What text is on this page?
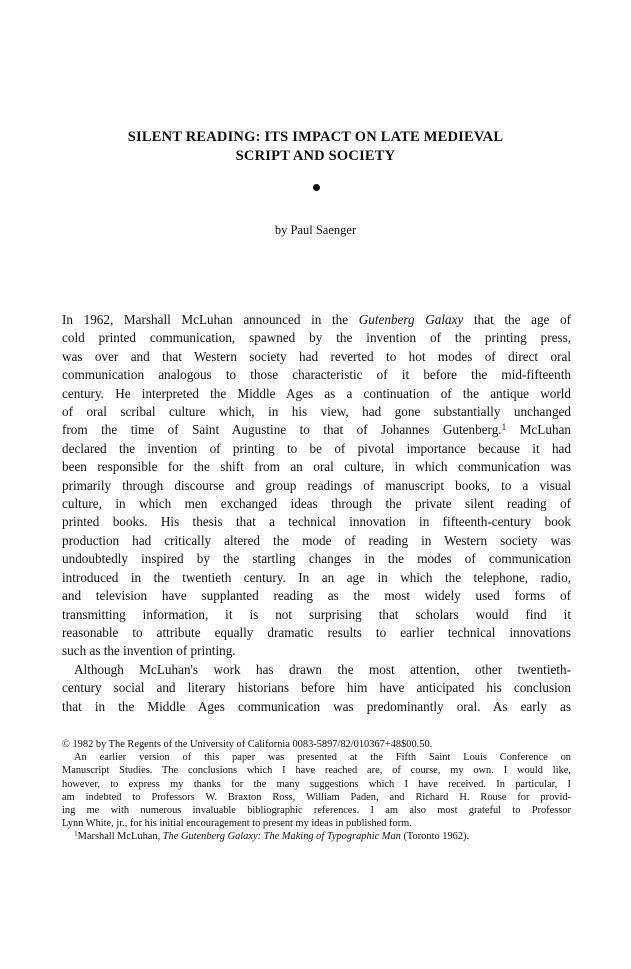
SILENT READING: ITS IMPACT ON LATE MEDIEVAL
SCRIPT AND SOCIETY
by Paul Saenger
In 1962, Marshall McLuhan announced in the Gutenberg Galaxy that the age of
cold printed communication, spawned by the invention of the printing press,
was over and that Western society had reverted to hot modes of direct oral
communication analogous to those characteristic of it before the mid-fifteenth
century. He interpreted the Middle Ages as a continuation of the antique world
of oral scribal culture which, in his view, had gone substantially unchanged
from the time of Saint Augustine to that of Johannes Gutenberg.$^1$ McLuhan
declared the invention of printing to be of pivotal importance because it had
been responsible for the shift from an oral culture, in which communication was
primarily through discourse and group readings of manuscript books, to a visual
culture, in which men exchanged ideas through the private silent reading of
printed books. His thesis that a technical innovation in fifteenth-century book
production had critically altered the mode of reading in Western society was
undoubtedly inspired by the startling changes in the modes of communication
introduced in the twentieth century. In an age in which the telephone, radio,
and television have supplanted reading as the most widely used forms of
transmitting information, it is not surprising that scholars would find it
reasonable to attribute equally dramatic results to earlier technical innovations
such as the invention of printing.
Although McLuhan's work has drawn the most attention, other twentieth-
century social and literary historians before him have anticipated his conclusion
that in the Middle Ages communication was predominantly oral. As early as
© 1982 by The Regents of the University of California 0083-5897/82/010367+48$00.50.
An earlier version of this paper was presented at the Fifth Saint Louis Conference on
Manuscript Studies. The conclusions which I have reached are, of course, my own. I would like,
however, to express my thanks for the many suggestions which I have received. In particular, I
am indebted to Professors W. Braxton Ross, William Paden, and Richard H. Rouse for provid-
ing me with numerous invaluable bibliographic references. I am also most grateful to Professor
Lynn White, jr., for his initial encouragement to present my ideas in published form.
$^1$Marshall McLuhan, The Gutenberg Galaxy: The Making of Typographic Man (Toronto 1962).
